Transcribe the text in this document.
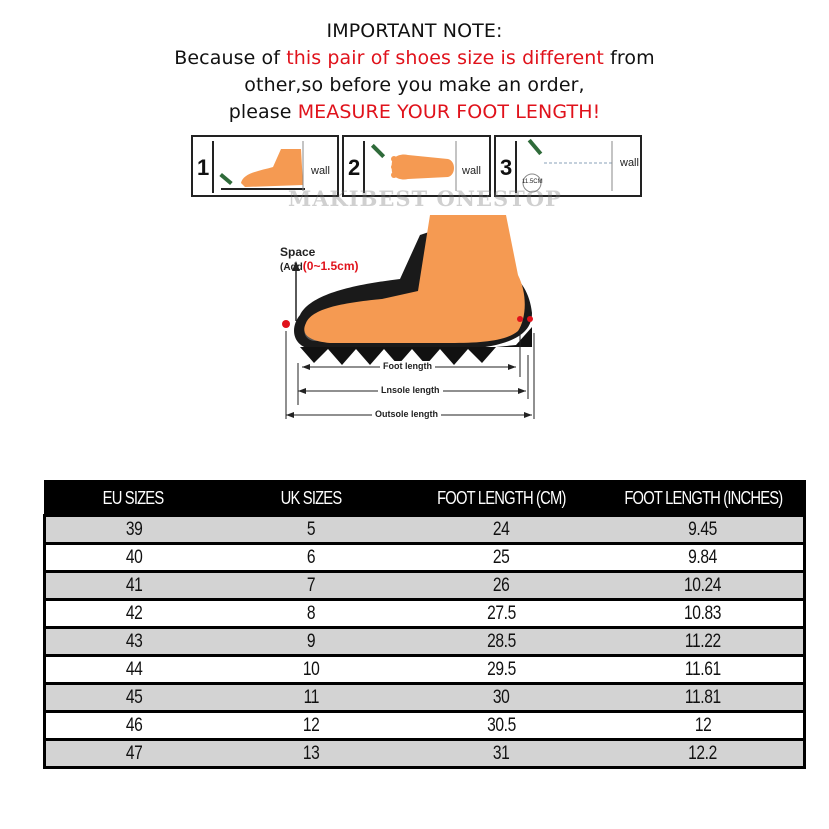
IMPORTANT NOTE:
Because of this pair of shoes size is different from
other,so before you make an order,
please MEASURE YOUR FOOT LENGTH!
1	wall 2	wall 3	wall
11.5CM
MAKIBEST ONESTOP
Space
(Add(0~1.5cm)
Foot length
Lnsole length
Outsole length
EU SIZES	UK SIZES	FOOT LENGTH (CM)	FOOT LENGTH (INCHES)
39	5	24	9.45
40	6	25	9.84
41	7	26	10.24
42	8	27.5	10.83
43	9	28.5	11.22
44	10	29.5	11.61
45	11	30	11.81
46	12	30.5	12
47	13	31	12.2
